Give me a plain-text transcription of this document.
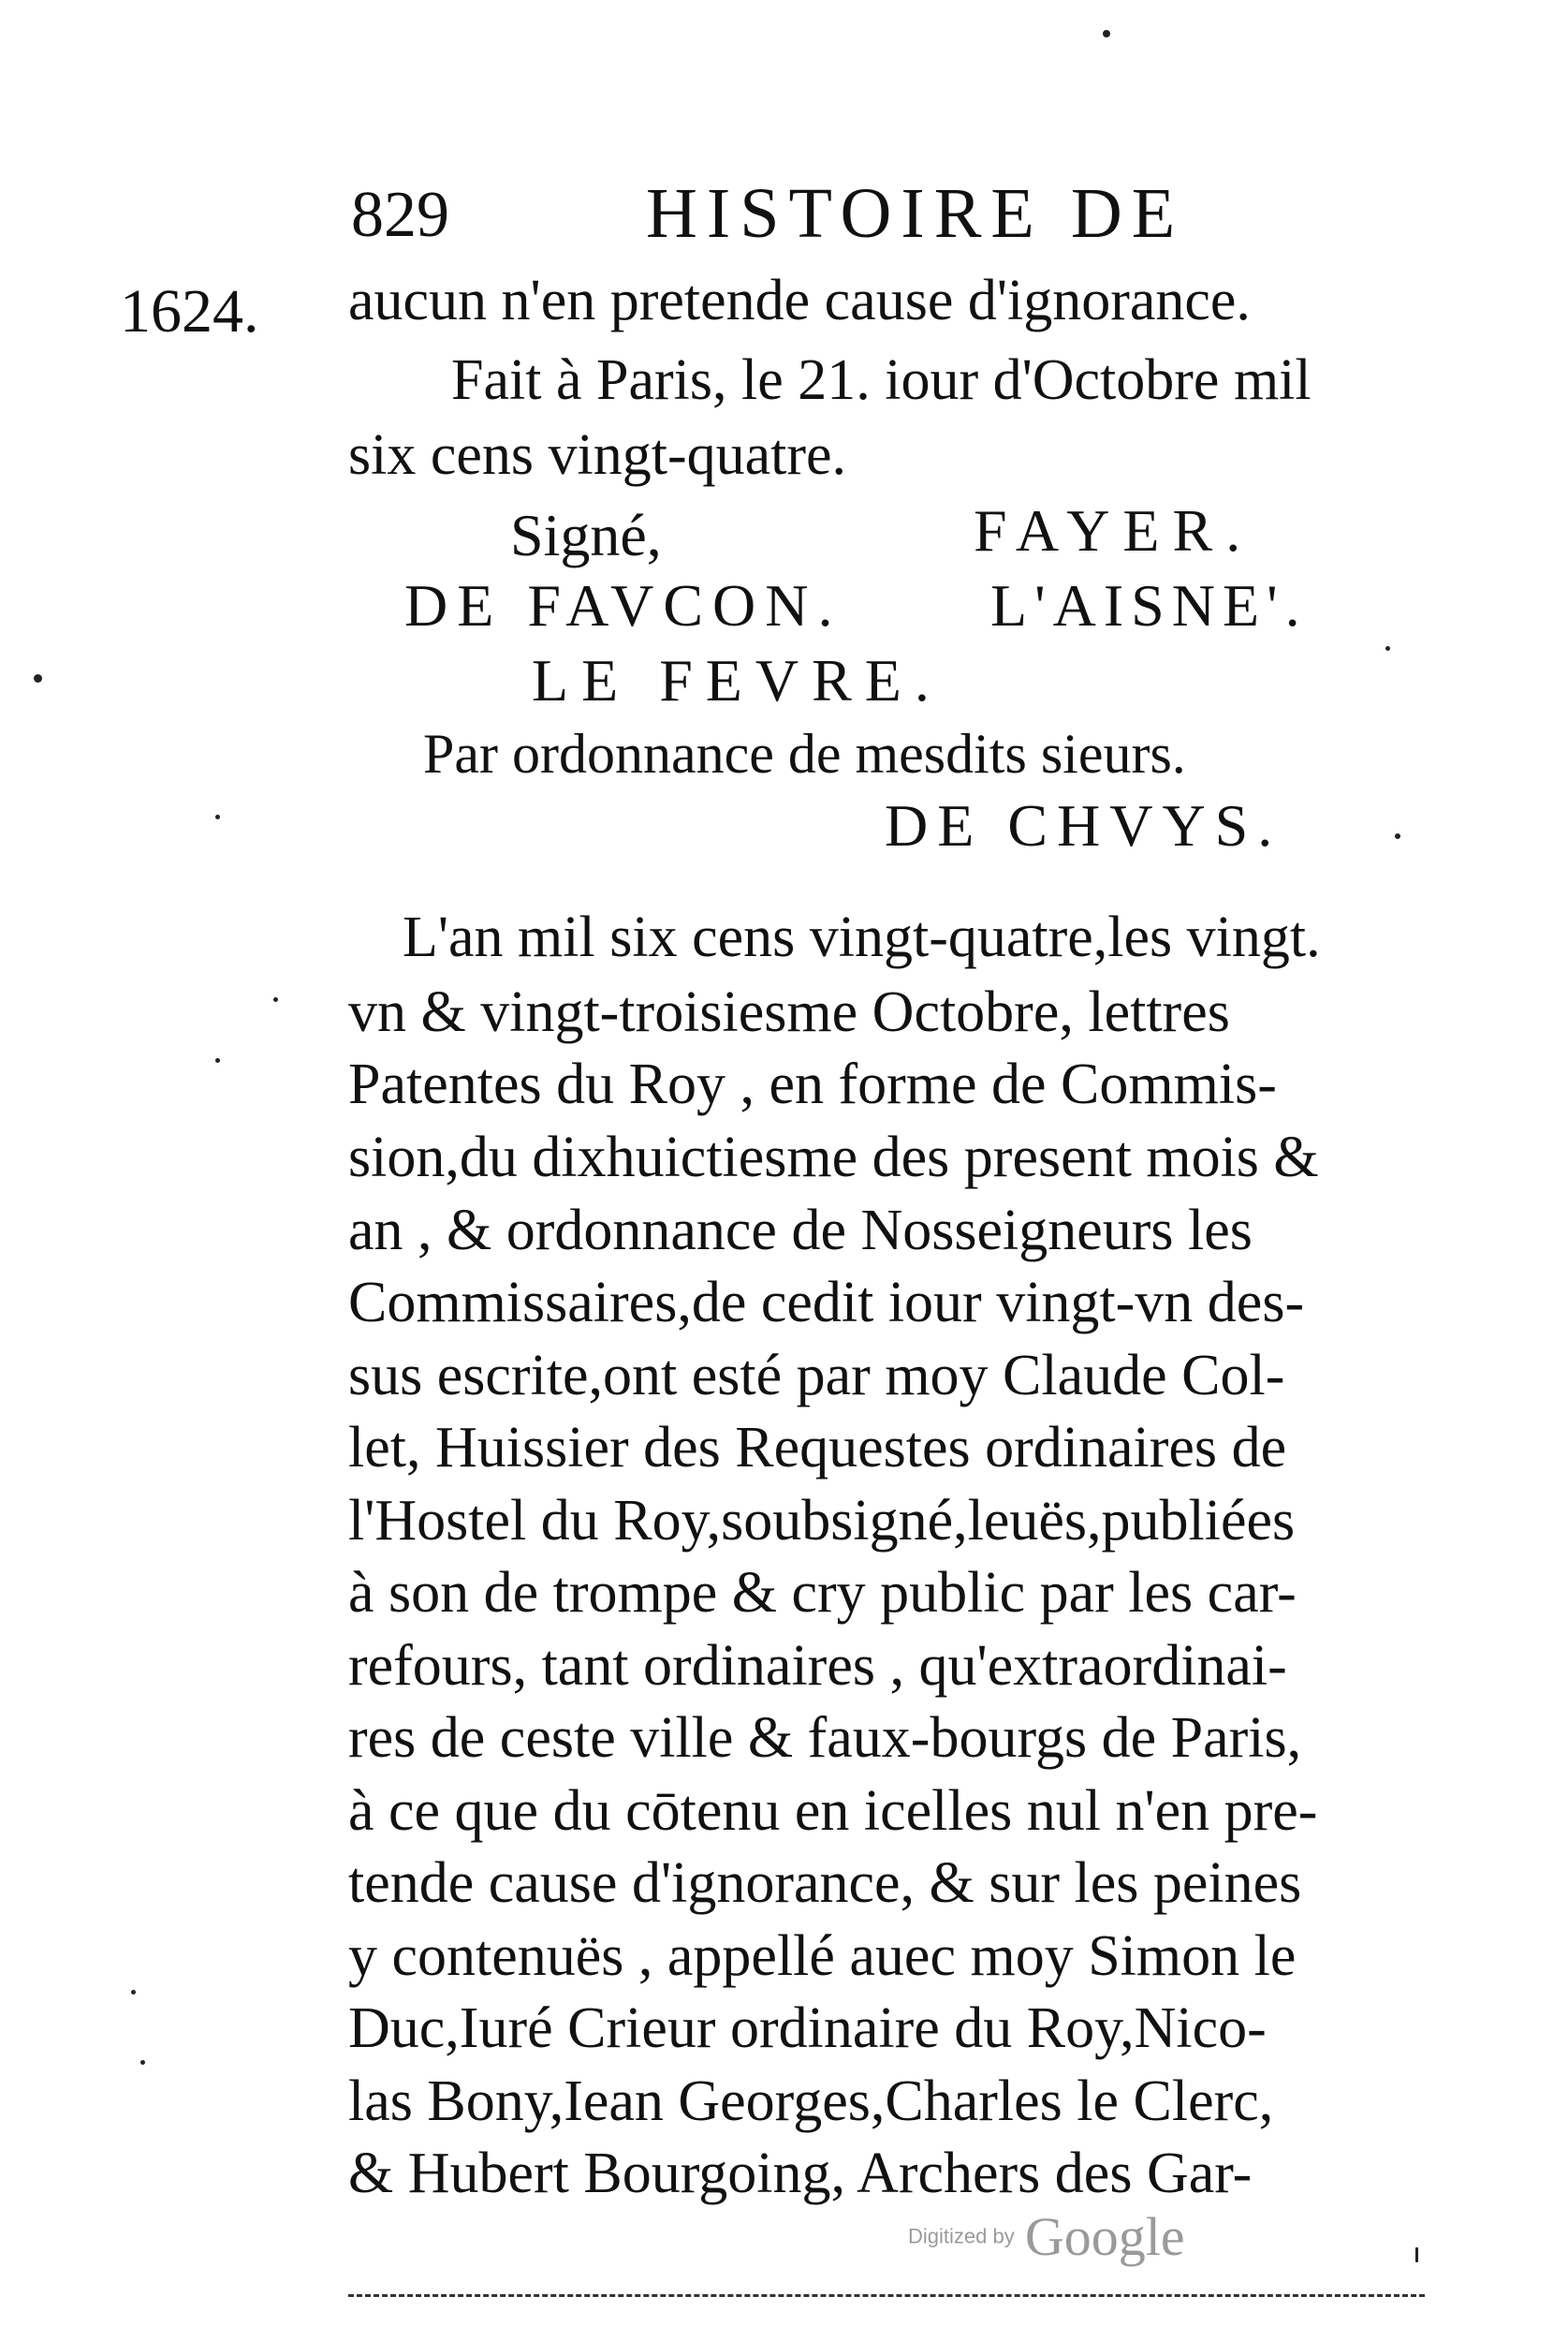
829	HISTOIRE DE
1624. aucun n'en pretende cause d'ignorance.
Fait à Paris, le 21. iour d'Octobre mil
six cens vingt-quatre.
Signé,	FAYER.
DE FAVCON. L'AISNE'.
LE FEVRE.
Par ordonnance de mesdits sieurs.
DE CHVYS.
L'an mil six cens vingt-quatre,les vingt.
vn & vingt-troisiesme Octobre, lettres
Patentes du Roy , en forme de Commis-
sion,du dixhuictiesme des present mois &
an , & ordonnance de Nosseigneurs les
Commissaires,de cedit iour vingt-vn des-
sus escrite,ont esté par moy Claude Col-
let, Huissier des Requestes ordinaires de
l'Hostel du Roy,soubsigné,leuës,publiées
à son de trompe & cry public par les car-
refours, tant ordinaires , qu'extraordinai-
res de ceste ville & faux-bourgs de Paris,
à ce que du cōtenu en icelles nul n'en pre-
tende cause d'ignorance, & sur les peines
y contenuës , appellé auec moy Simon le
Duc,Iuré Crieur ordinaire du Roy,Nico-
las Bony,Iean Georges,Charles le Clerc,
& Hubert Bourgoing, Archers des Gar-
Digitized by Google
